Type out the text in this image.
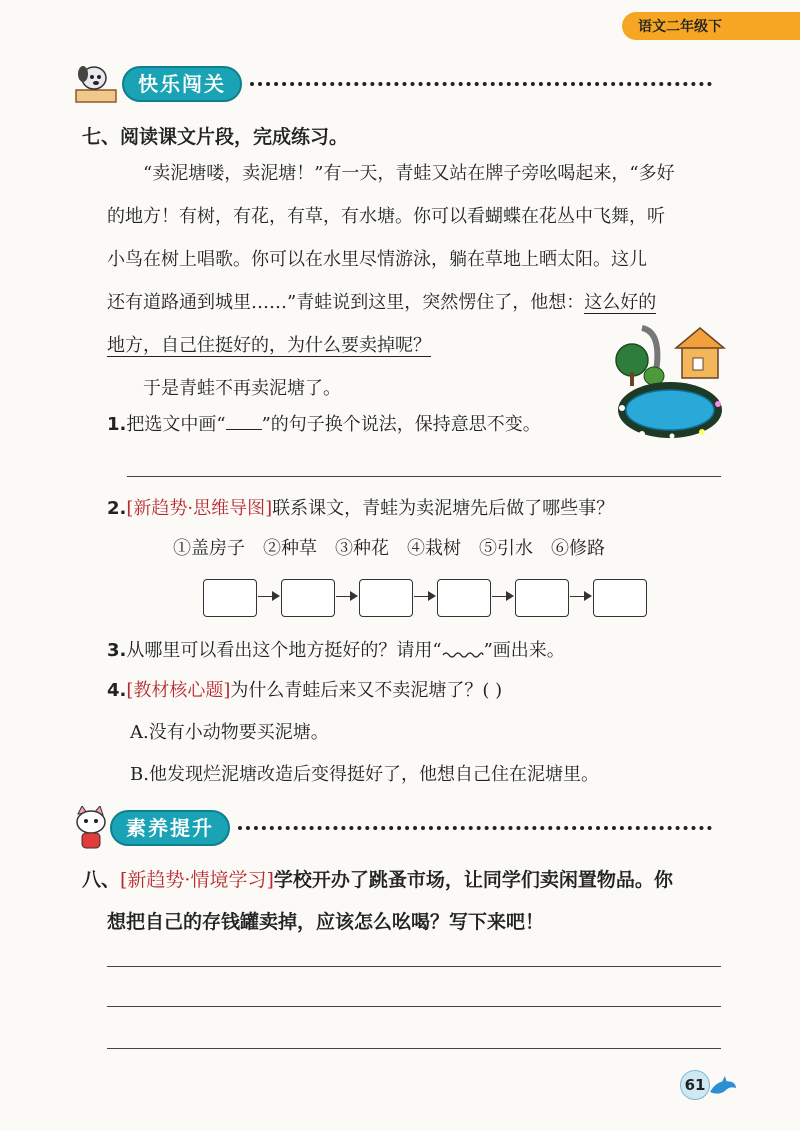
语文二年级下
快乐闯关
七、阅读课文片段，完成练习。
“卖泥塘喽，卖泥塘！”有一天，青蛙又站在牌子旁吆喝起来，“多好
的地方！有树，有花，有草，有水塘。你可以看蝴蝶在花丛中飞舞，听
小鸟在树上唱歌。你可以在水里尽情游泳，躺在草地上晒太阳。这儿
还有道路通到城里……”青蛙说到这里，突然愣住了，他想：这么好的
地方，自己住挺好的，为什么要卖掉呢？
于是青蛙不再卖泥塘了。
1.把选文中画“ ”的句子换个说法，保持意思不变。
2.[新趋势·思维导图]联系课文，青蛙为卖泥塘先后做了哪些事？
①盖房子 ②种草 ③种花 ④栽树 ⑤引水 ⑥修路
3.从哪里可以看出这个地方挺好的？请用“ ”画出来。
4.[教材核心题]为什么青蛙后来又不卖泥塘了？( )
A.没有小动物要买泥塘。
B.他发现烂泥塘改造后变得挺好了，他想自己住在泥塘里。
素养提升
八、[新趋势·情境学习]学校开办了跳蚤市场，让同学们卖闲置物品。你
想把自己的存钱罐卖掉，应该怎么吆喝？写下来吧！
61
